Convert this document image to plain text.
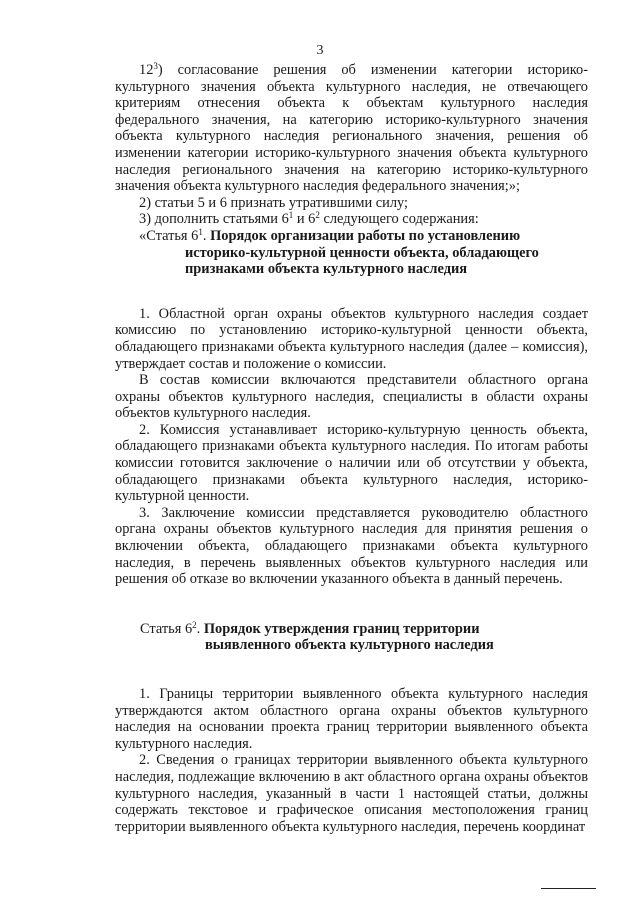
3

$12^3$) согласование решения об изменении категории историко-культурного значения объекта культурного наследия, не отвечающего критериям отнесения объекта к объектам культурного наследия федерального значения, на категорию историко-культурного значения объекта культурного наследия регионального значения, решения об изменении категории историко-культурного значения объекта культурного наследия регионального значения на категорию историко-культурного значения объекта культурного наследия федерального значения;»;

2) статьи 5 и 6 признать утратившими силу;

3) дополнить статьями $6^1$ и $6^2$ следующего содержания:

«Статья $6^1$. Порядок организации работы по установлению

историко-культурной ценности объекта, обладающего

признаками объекта культурного наследия

1. Областной орган охраны объектов культурного наследия создает комиссию по установлению историко-культурной ценности объекта, обладающего признаками объекта культурного наследия (далее – комиссия), утверждает состав и положение о комиссии.

В состав комиссии включаются представители областного органа охраны объектов культурного наследия, специалисты в области охраны объектов культурного наследия.

2. Комиссия устанавливает историко-культурную ценность объекта, обладающего признаками объекта культурного наследия. По итогам работы комиссии готовится заключение о наличии или об отсутствии у объекта, обладающего признаками объекта культурного наследия, историко-культурной ценности.

3. Заключение комиссии представляется руководителю областного органа охраны объектов культурного наследия для принятия решения о включении объекта, обладающего признаками объекта культурного наследия, в перечень выявленных объектов культурного наследия или решения об отказе во включении указанного объекта в данный перечень.

Статья $6^2$. Порядок утверждения границ территории

выявленного объекта культурного наследия

1. Границы территории выявленного объекта культурного наследия утверждаются актом областного органа охраны объектов культурного наследия на основании проекта границ территории выявленного объекта культурного наследия.

2. Сведения о границах территории выявленного объекта культурного наследия, подлежащие включению в акт областного органа охраны объектов культурного наследия, указанный в части 1 настоящей статьи, должны содержать текстовое и графическое описания местоположения границ территории выявленного объекта культурного наследия, перечень координат
